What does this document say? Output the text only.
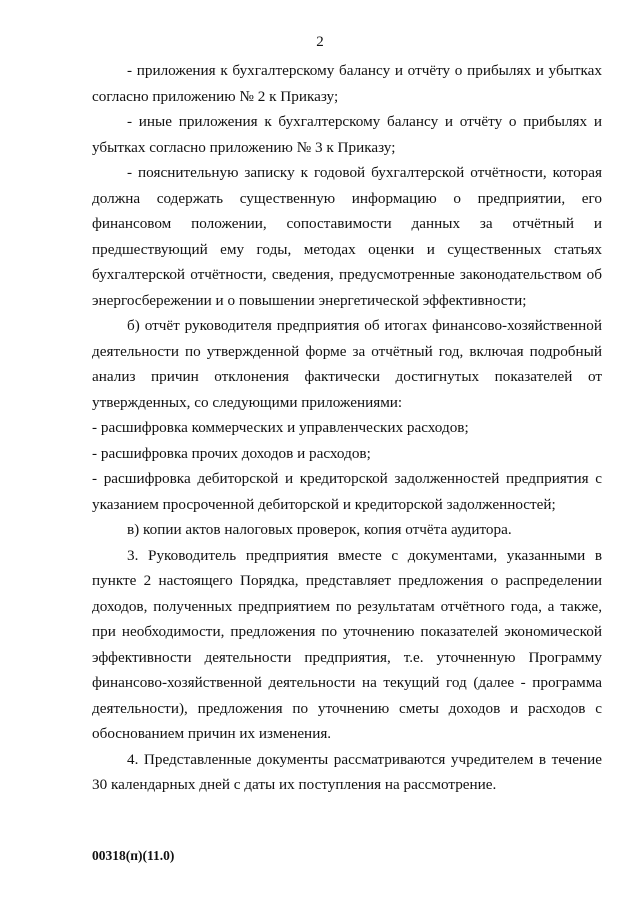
2

- приложения к бухгалтерскому балансу и отчёту о прибылях и убытках согласно приложению № 2 к Приказу;

- иные приложения к бухгалтерскому балансу и отчёту о прибылях и убытках согласно приложению № 3 к Приказу;

- пояснительную записку к годовой бухгалтерской отчётности, которая должна содержать существенную информацию о предприятии, его финансовом положении, сопоставимости данных за отчётный и предшествующий ему годы, методах оценки и существенных статьях бухгалтерской отчётности, сведения, предусмотренные законодательством об энергосбережении и о повышении энергетической эффективности;

б) отчёт руководителя предприятия об итогах финансово-хозяйственной деятельности по утвержденной форме за отчётный год, включая подробный анализ причин отклонения фактически достигнутых показателей от утвержденных, со следующими приложениями:

- расшифровка коммерческих и управленческих расходов;

- расшифровка прочих доходов и расходов;

- расшифровка дебиторской и кредиторской задолженностей предприятия с указанием просроченной дебиторской и кредиторской задолженностей;

в) копии актов налоговых проверок, копия отчёта аудитора.

3. Руководитель предприятия вместе с документами, указанными в пункте 2 настоящего Порядка, представляет предложения о распределении доходов, полученных предприятием по результатам отчётного года, а также, при необходимости, предложения по уточнению показателей экономической эффективности деятельности предприятия, т.е. уточненную Программу финансово-хозяйственной деятельности на текущий год (далее - программа деятельности), предложения по уточнению сметы доходов и расходов с обоснованием причин их изменения.

4. Представленные документы рассматриваются учредителем в течение 30 календарных дней с даты их поступления на рассмотрение.

00318(п)(11.0)
